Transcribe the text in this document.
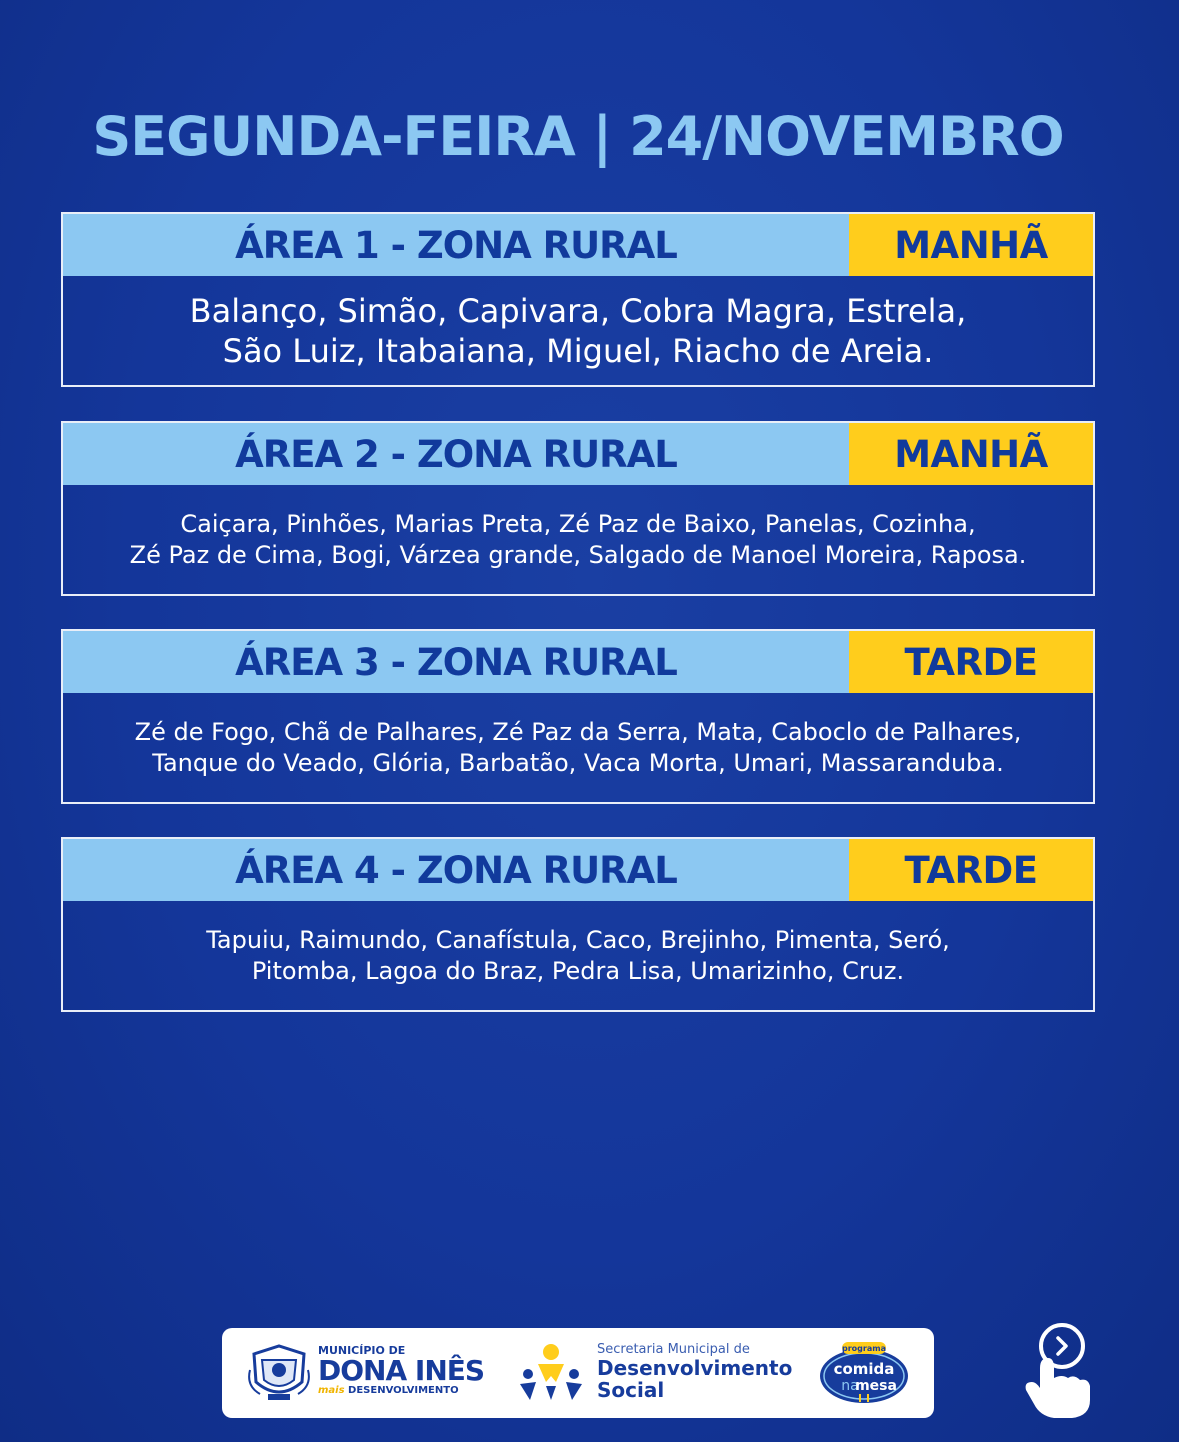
SEGUNDA-FEIRA | 24/NOVEMBRO
ÁREA 1 - ZONA RURAL	MANHÃ
Balanço, Simão, Capivara, Cobra Magra, Estrela,
São Luiz, Itabaiana, Miguel, Riacho de Areia.
ÁREA 2 - ZONA RURAL	MANHÃ
Caiçara, Pinhões, Marias Preta, Zé Paz de Baixo, Panelas, Cozinha,
Zé Paz de Cima, Bogi, Várzea grande, Salgado de Manoel Moreira, Raposa.
ÁREA 3 - ZONA RURAL	TARDE
Zé de Fogo, Chã de Palhares, Zé Paz da Serra, Mata, Caboclo de Palhares,
Tanque do Veado, Glória, Barbatão, Vaca Morta, Umari, Massaranduba.
ÁREA 4 - ZONA RURAL	TARDE
Tapuiu, Raimundo, Canafístula, Caco, Brejinho, Pimenta, Seró,
Pitomba, Lagoa do Braz, Pedra Lisa, Umarizinho, Cruz.
MUNICÍPIO DE
DONA INÊS
mais DESENVOLVIMENTO
Secretaria Municipal de
Desenvolvimento
Social
programa
comida
na
mesa
